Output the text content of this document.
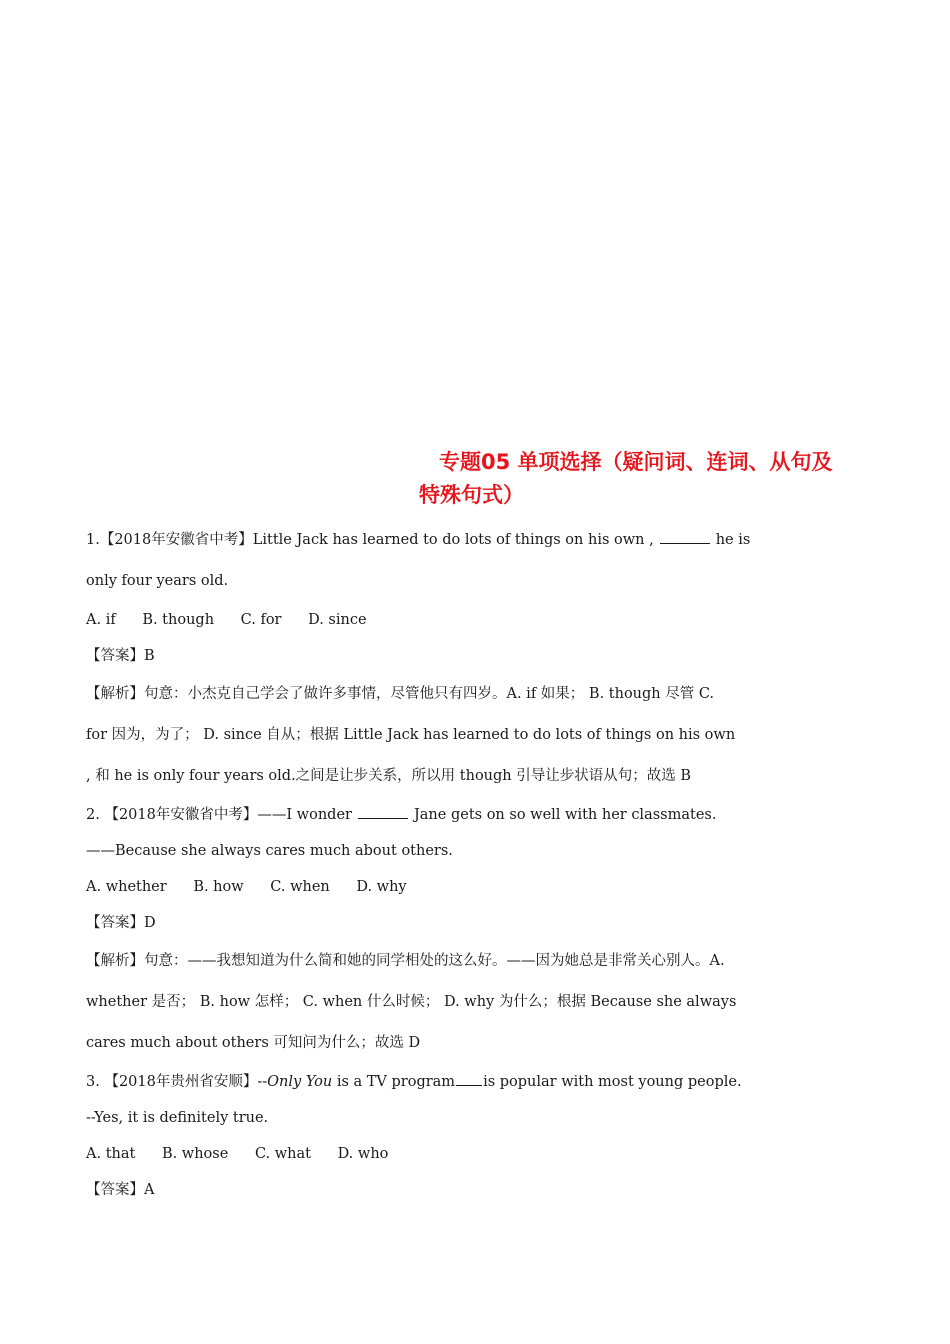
专题05 单项选择（疑问词、连词、从句及
特殊句式）

1.【2018年安徽省中考】Little Jack has learned to do lots of things on his own ,	he is

only four years old.

A. if B. though C. for D. since

【答案】B

【解析】句意：小杰克自己学会了做许多事情，尽管他只有四岁。A. if 如果； B. though 尽管 C.

for 因为，为了； D. since 自从；根据 Little Jack has learned to do lots of things on his own

, 和 he is only four years old.之间是让步关系，所以用 though 引导让步状语从句；故选 B

2. 【2018年安徽省中考】——I wonder	Jane gets on so well with her classmates.

——Because she always cares much about others.

A. whether B. how C. when D. why

【答案】D

【解析】句意：——我想知道为什么简和她的同学相处的这么好。——因为她总是非常关心别人。A.

whether 是否； B. how 怎样； C. when 什么时候； D. why 为什么；根据 Because she always

cares much about others 可知问为什么；故选 D

3. 【2018年贵州省安顺】--Only You is a TV program is popular with most young people.

--Yes, it is definitely true.

A. that B. whose C. what D. who

【答案】A
